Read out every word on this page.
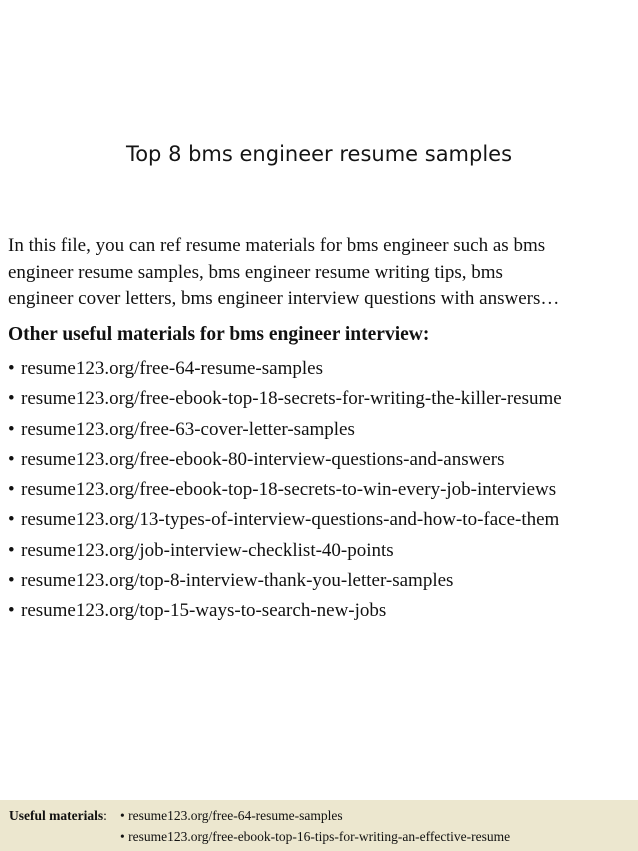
Top 8 bms engineer resume samples

In this file, you can ref resume materials for bms engineer such as bms

engineer resume samples, bms engineer resume writing tips, bms

engineer cover letters, bms engineer interview questions with answers…

Other useful materials for bms engineer interview:
• resume123.org/free-64-resume-samples
• resume123.org/free-ebook-top-18-secrets-for-writing-the-killer-resume
• resume123.org/free-63-cover-letter-samples
• resume123.org/free-ebook-80-interview-questions-and-answers
• resume123.org/free-ebook-top-18-secrets-to-win-every-job-interviews
• resume123.org/13-types-of-interview-questions-and-how-to-face-them
• resume123.org/job-interview-checklist-40-points
• resume123.org/top-8-interview-thank-you-letter-samples
• resume123.org/top-15-ways-to-search-new-jobs
Useful materials: • resume123.org/free-64-resume-samples
• resume123.org/free-ebook-top-16-tips-for-writing-an-effective-resume
